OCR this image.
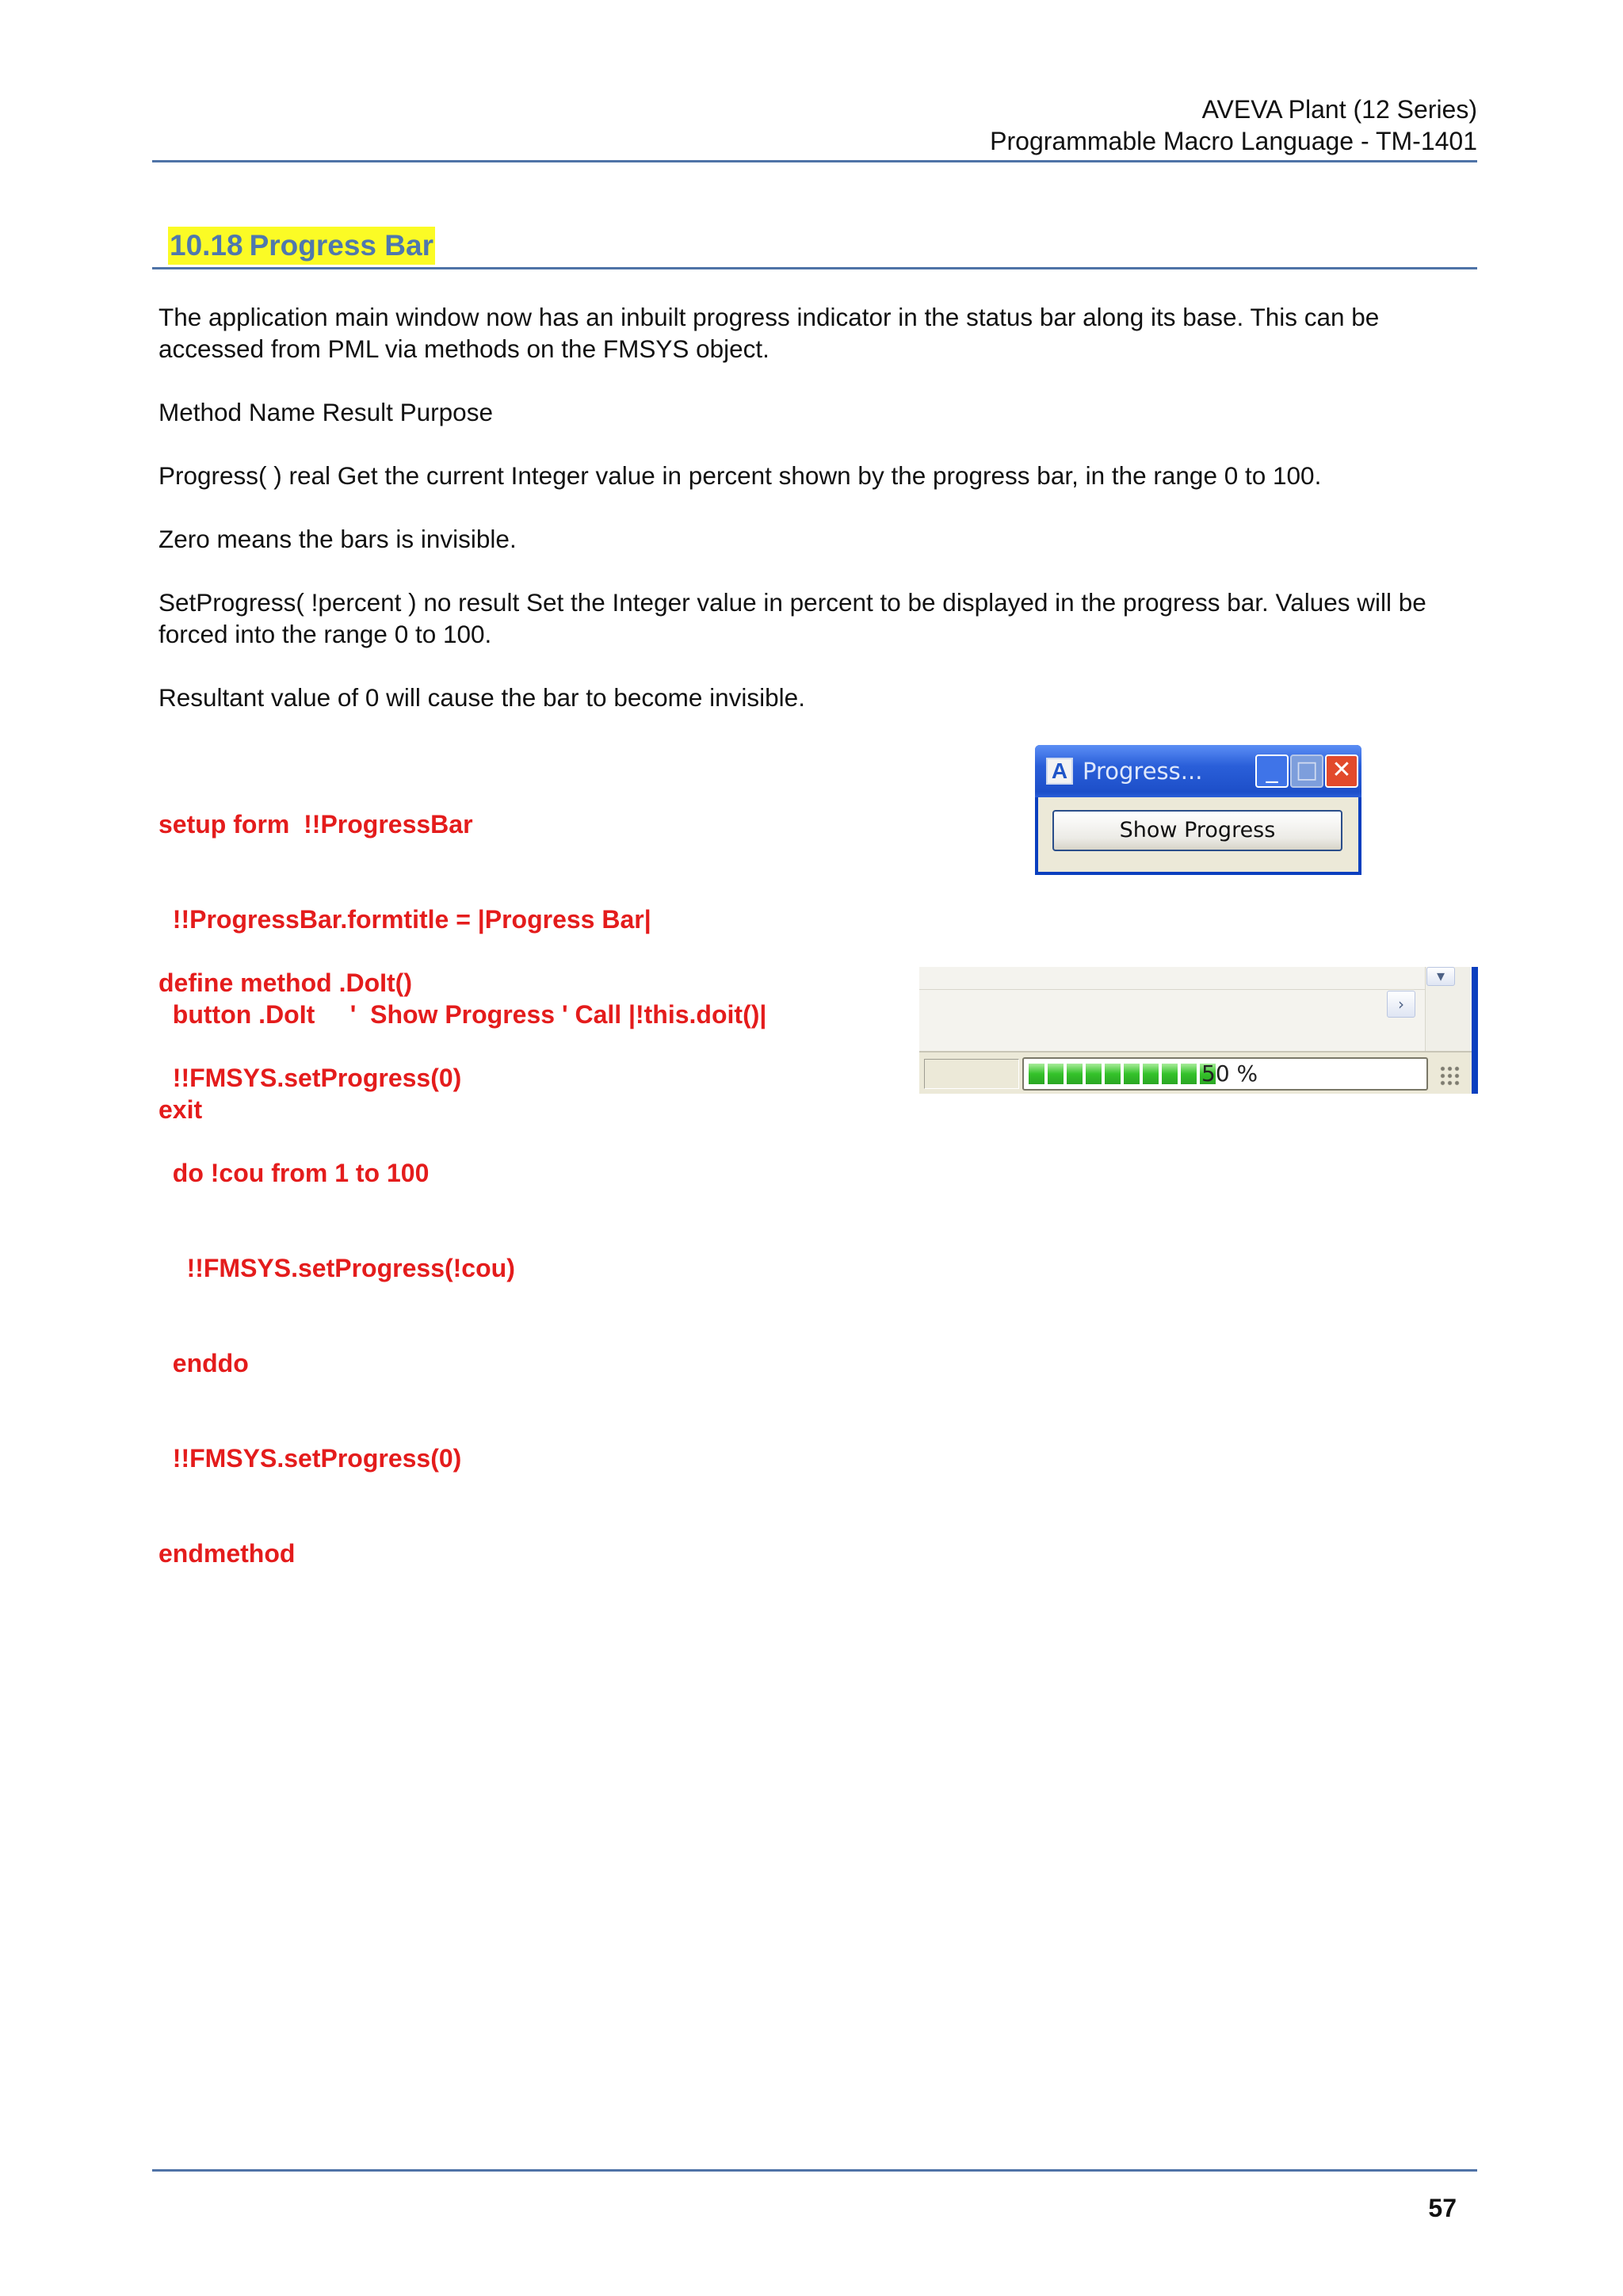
AVEVA Plant (12 Series)
Programmable Macro Language - TM-1401
10.18 Progress Bar

The application main window now has an inbuilt progress indicator in the status bar along its base. This can be accessed from PML via methods on the FMSYS object.

Method Name Result Purpose

Progress( ) real Get the current Integer value in percent shown by the progress bar, in the range 0 to 100.

Zero means the bars is invisible.

SetProgress( !percent ) no result Set the Integer value in percent to be displayed in the progress bar. Values will be forced into the range 0 to 100.

Resultant value of 0 will cause the bar to become invisible.

setup form  !!ProgressBar

!!ProgressBar.formtitle = |Progress Bar|

button .DoIt     '  Show Progress ' Call |!this.doit()|

exit

define method .DoIt()

!!FMSYS.setProgress(0)

do !cou from 1 to 100

!!FMSYS.setProgress(!cou)

enddo

!!FMSYS.setProgress(0)

endmethod

A Progress...	_ □ ✕
Show Progress
▾
›
50 %
57
